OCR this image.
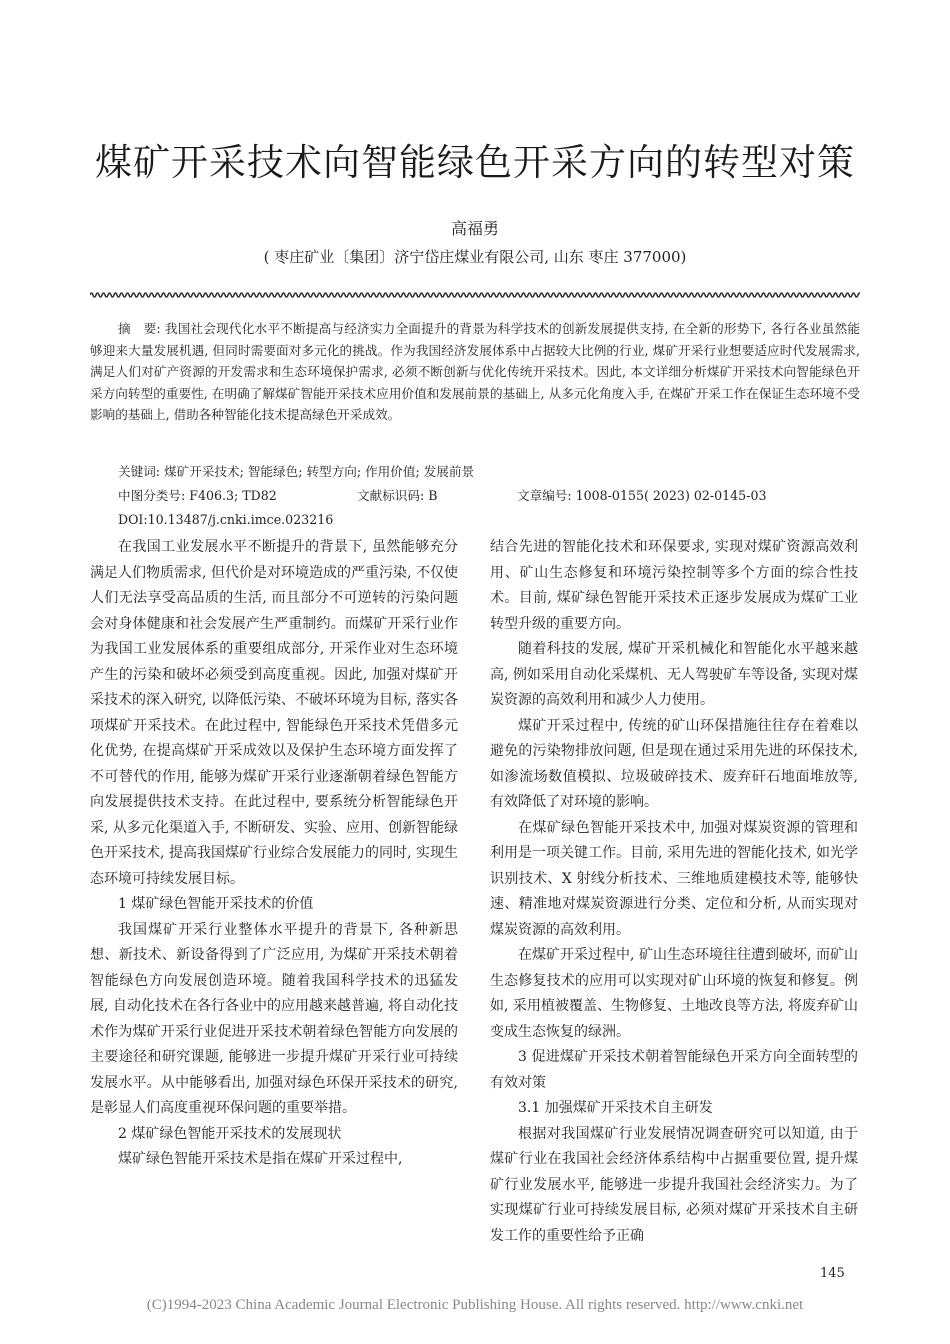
煤矿开采技术向智能绿色开采方向的转型对策
高福勇
( 枣庄矿业〔集团〕济宁岱庄煤业有限公司, 山东 枣庄 377000)
摘　要: 我国社会现代化水平不断提高与经济实力全面提升的背景为科学技术的创新发展提供支持, 在全新的形势下, 各行各业虽然能够迎来大量发展机遇, 但同时需要面对多元化的挑战。作为我国经济发展体系中占据较大比例的行业, 煤矿开采行业想要适应时代发展需求, 满足人们对矿产资源的开发需求和生态环境保护需求, 必须不断创新与优化传统开采技术。因此, 本文详细分析煤矿开采技术向智能绿色开采方向转型的重要性, 在明确了解煤矿智能开采技术应用价值和发展前景的基础上, 从多元化角度入手, 在煤矿开采工作在保证生态环境不受影响的基础上, 借助各种智能化技术提高绿色开采成效。
关键词: 煤矿开采技术; 智能绿色; 转型方向; 作用价值; 发展前景
中图分类号: F406.3; TD82	文献标识码: B	文章编号: 1008-0155( 2023) 02-0145-03
DOI:10.13487/j.cnki.imce.023216

在我国工业发展水平不断提升的背景下, 虽然能够充分满足人们物质需求, 但代价是对环境造成的严重污染, 不仅使人们无法享受高品质的生活, 而且部分不可逆转的污染问题会对身体健康和社会发展产生严重制约。而煤矿开采行业作为我国工业发展体系的重要组成部分, 开采作业对生态环境产生的污染和破坏必须受到高度重视。因此, 加强对煤矿开采技术的深入研究, 以降低污染、不破坏环境为目标, 落实各项煤矿开采技术。在此过程中, 智能绿色开采技术凭借多元化优势, 在提高煤矿开采成效以及保护生态环境方面发挥了不可替代的作用, 能够为煤矿开采行业逐渐朝着绿色智能方向发展提供技术支持。在此过程中, 要系统分析智能绿色开采, 从多元化渠道入手, 不断研发、实验、应用、创新智能绿色开采技术, 提高我国煤矿行业综合发展能力的同时, 实现生态环境可持续发展目标。

1 煤矿绿色智能开采技术的价值

我国煤矿开采行业整体水平提升的背景下, 各种新思想、新技术、新设备得到了广泛应用, 为煤矿开采技术朝着智能绿色方向发展创造环境。随着我国科学技术的迅猛发展, 自动化技术在各行各业中的应用越来越普遍, 将自动化技术作为煤矿开采行业促进开采技术朝着绿色智能方向发展的主要途径和研究课题, 能够进一步提升煤矿开采行业可持续发展水平。从中能够看出, 加强对绿色环保开采技术的研究, 是彰显人们高度重视环保问题的重要举措。

2 煤矿绿色智能开采技术的发展现状

煤矿绿色智能开采技术是指在煤矿开采过程中,

结合先进的智能化技术和环保要求, 实现对煤矿资源高效利用、矿山生态修复和环境污染控制等多个方面的综合性技术。目前, 煤矿绿色智能开采技术正逐步发展成为煤矿工业转型升级的重要方向。

随着科技的发展, 煤矿开采机械化和智能化水平越来越高, 例如采用自动化采煤机、无人驾驶矿车等设备, 实现对煤炭资源的高效利用和减少人力使用。

煤矿开采过程中, 传统的矿山环保措施往往存在着难以避免的污染物排放问题, 但是现在通过采用先进的环保技术, 如渗流场数值模拟、垃圾破碎技术、废弃矸石地面堆放等, 有效降低了对环境的影响。

在煤矿绿色智能开采技术中, 加强对煤炭资源的管理和利用是一项关键工作。目前, 采用先进的智能化技术, 如光学识别技术、X 射线分析技术、三维地质建模技术等, 能够快速、精准地对煤炭资源进行分类、定位和分析, 从而实现对煤炭资源的高效利用。

在煤矿开采过程中, 矿山生态环境往往遭到破坏, 而矿山生态修复技术的应用可以实现对矿山环境的恢复和修复。例如, 采用植被覆盖、生物修复、土地改良等方法, 将废弃矿山变成生态恢复的绿洲。

3 促进煤矿开采技术朝着智能绿色开采方向全面转型的有效对策
3.1 加强煤矿开采技术自主研发

根据对我国煤矿行业发展情况调查研究可以知道, 由于煤矿行业在我国社会经济体系结构中占据重要位置, 提升煤矿行业发展水平, 能够进一步提升我国社会经济实力。为了实现煤矿行业可持续发展目标, 必须对煤矿开采技术自主研发工作的重要性给予正确

145
(C)1994-2023 China Academic Journal Electronic Publishing House. All rights reserved. http://www.cnki.net
